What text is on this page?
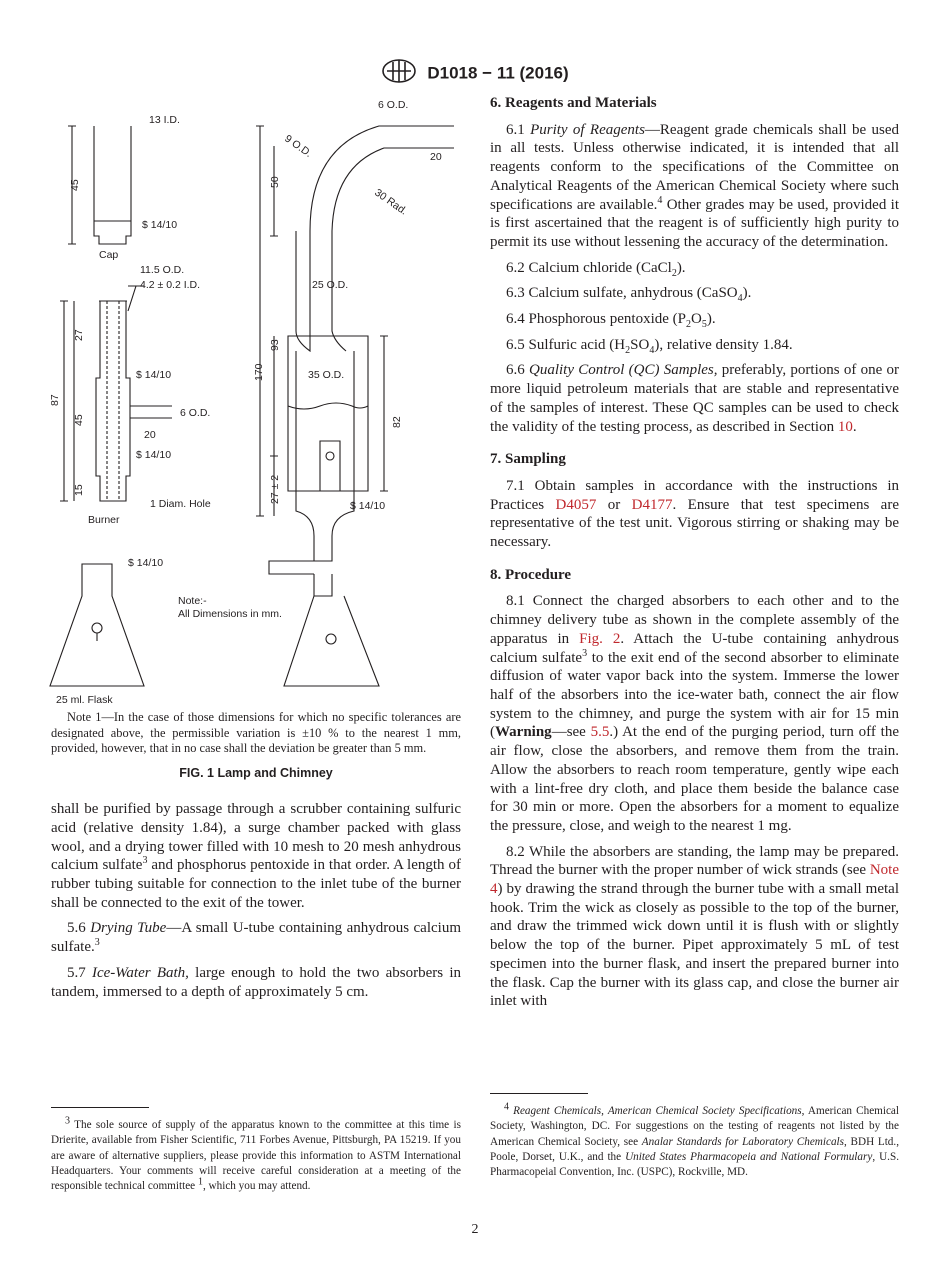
D1018 − 11 (2016)
13 I.D.
45
$ 14/10
Cap
11.5 O.D.
4.2 ± 0.2 I.D.
27
87
45
15
$ 14/10
6 O.D.
20
$ 14/10
1 Diam. Hole
Burner
$ 14/10
Note:-
All Dimensions in mm.
25 ml. Flask
6 O.D.
9 O.D.	20
30 Rad.
50
25 O.D.
93
170	35 O.D.
82
27 ± 2
$ 14/10

Note 1—In the case of those dimensions for which no specific tolerances are designated above, the permissible variation is ±10 % to the nearest 1 mm, provided, however, that in no case shall the deviation be greater than 5 mm.

FIG. 1 Lamp and Chimney

shall be purified by passage through a scrubber containing sulfuric acid (relative density 1.84), a surge chamber packed with glass wool, and a drying tower filled with 10 mesh to 20 mesh anhydrous calcium sulfate$^3$ and phosphorus pentoxide in that order. A length of rubber tubing suitable for connection to the inlet tube of the burner shall be connected to the exit of the tower.

5.6 Drying Tube—A small U-tube containing anhydrous calcium sulfate.$^3$

5.7 Ice-Water Bath, large enough to hold the two absorbers in tandem, immersed to a depth of approximately 5 cm.

6. Reagents and Materials

6.1 Purity of Reagents—Reagent grade chemicals shall be used in all tests. Unless otherwise indicated, it is intended that all reagents conform to the specifications of the Committee on Analytical Reagents of the American Chemical Society where such specifications are available.$^4$ Other grades may be used, provided it is first ascertained that the reagent is of sufficiently high purity to permit its use without lessening the accuracy of the determination.

6.2 Calcium chloride (CaCl$_2$).

6.3 Calcium sulfate, anhydrous (CaSO$_4$).

6.4 Phosphorous pentoxide $(P_2O_5)$.

6.5 Sulfuric acid $(H_2SO_4)$, relative density 1.84.

6.6 Quality Control (QC) Samples, preferably, portions of one or more liquid petroleum materials that are stable and representative of the samples of interest. These QC samples can be used to check the validity of the testing process, as described in Section 10.

7. Sampling

7.1 Obtain samples in accordance with the instructions in Practices D4057 or D4177. Ensure that test specimens are representative of the test unit. Vigorous stirring or shaking may be necessary.

8. Procedure

8.1 Connect the charged absorbers to each other and to the chimney delivery tube as shown in the complete assembly of the apparatus in Fig. 2. Attach the U-tube containing anhydrous calcium sulfate$^3$ to the exit end of the second absorber to eliminate diffusion of water vapor back into the system. Immerse the lower half of the absorbers into the ice-water bath, connect the air flow system to the chimney, and purge the system with air for 15 min (Warning—see 5.5.) At the end of the purging period, turn off the air flow, close the absorbers, and remove them from the train. Allow the absorbers to reach room temperature, gently wipe each with a lint-free dry cloth, and place them beside the balance case for 30 min or more. Open the absorbers for a moment to equalize the pressure, close, and weigh to the nearest 1 mg.

8.2 While the absorbers are standing, the lamp may be prepared. Thread the burner with the proper number of wick strands (see Note 4) by drawing the strand through the burner tube with a small metal hook. Trim the wick as closely as possible to the top of the burner, and draw the trimmed wick down until it is flush with or slightly below the top of the burner. Pipet approximately 5 mL of test specimen into the burner flask, and insert the prepared burner into the flask. Cap the burner with its glass cap, and close the burner air inlet with

$^3$ The sole source of supply of the apparatus known to the committee at this time is Drierite, available from Fisher Scientific, 711 Forbes Avenue, Pittsburgh, PA 15219. If you are aware of alternative suppliers, please provide this information to ASTM International Headquarters. Your comments will receive careful consideration at a meeting of the responsible technical committee $^1$, which you may attend.
$^4$ Reagent Chemicals, American Chemical Society Specifications, American Chemical Society, Washington, DC. For suggestions on the testing of reagents not listed by the American Chemical Society, see Analar Standards for Laboratory Chemicals, BDH Ltd., Poole, Dorset, U.K., and the United States Pharmacopeia and National Formulary, U.S. Pharmacopeial Convention, Inc. (USPC), Rockville, MD.
2
